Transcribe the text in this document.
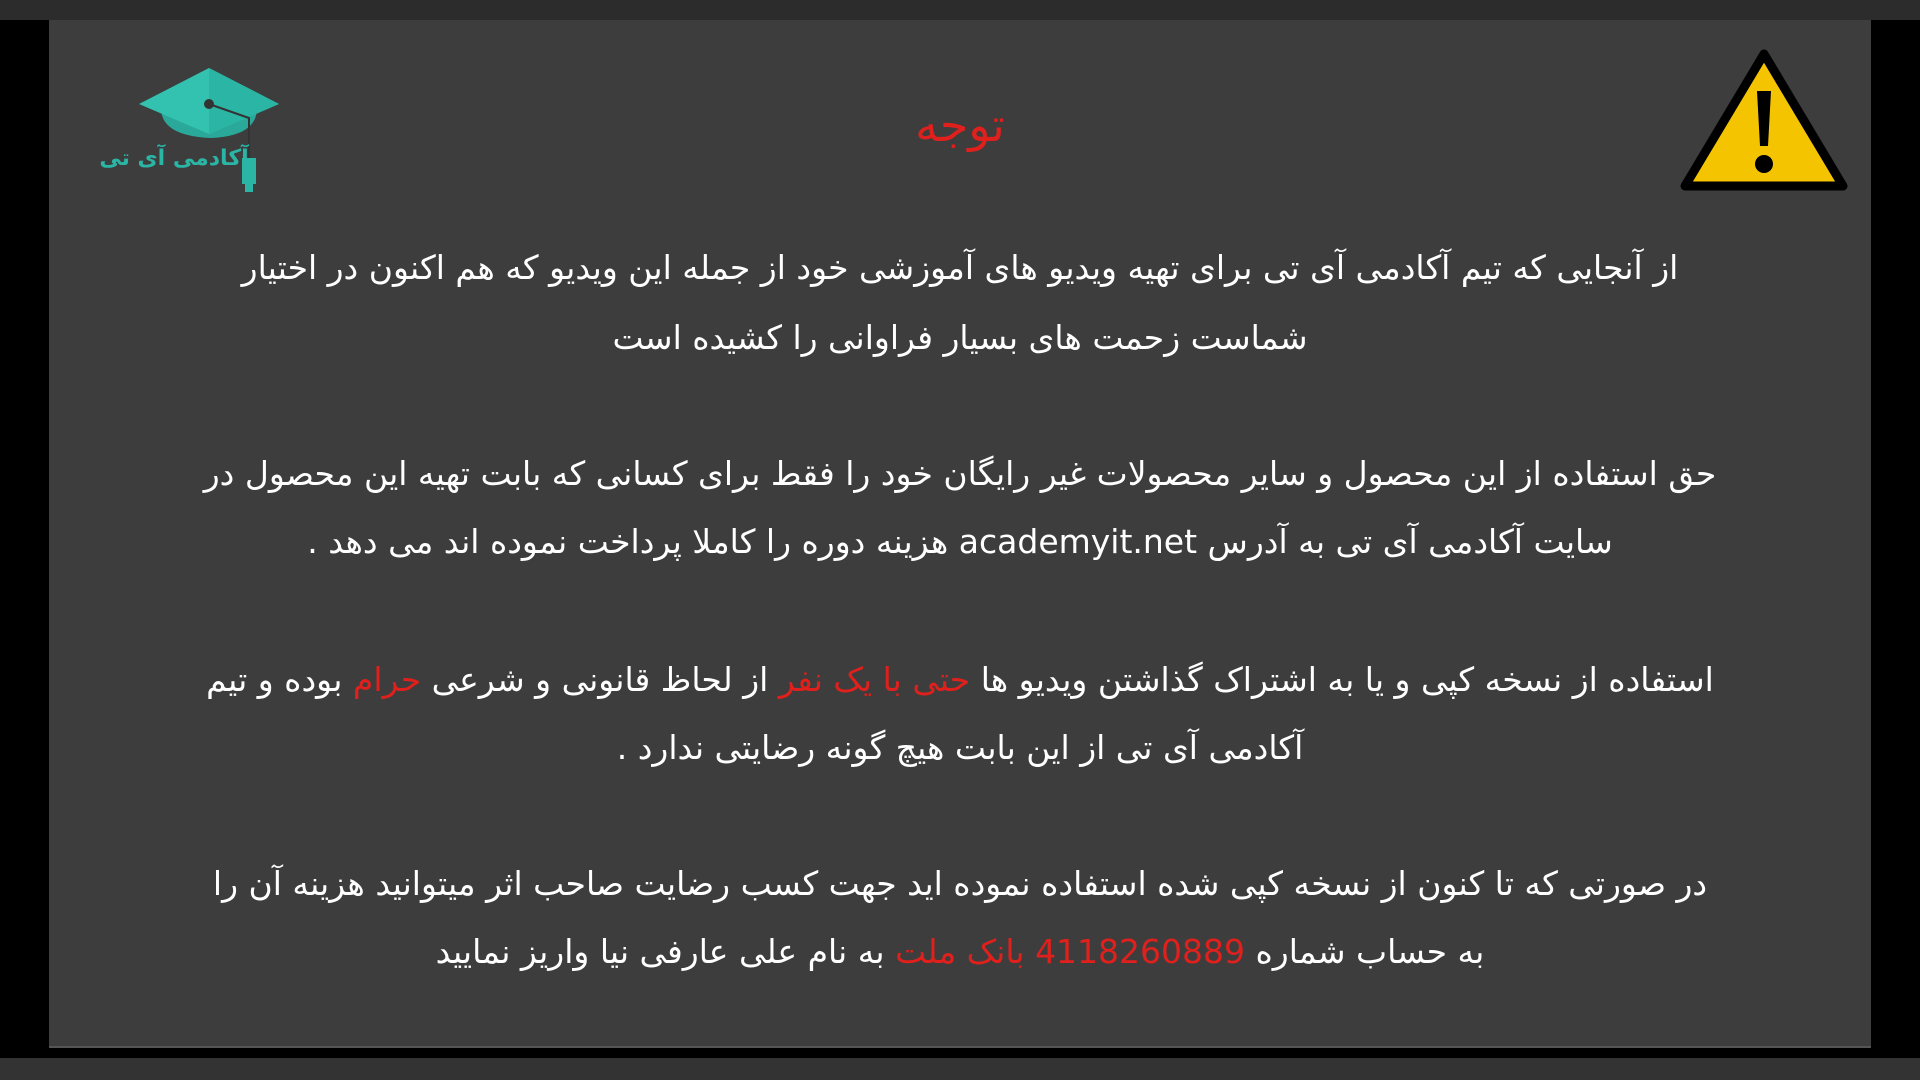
آکادمی آی تی
توجه
از آنجایی که تیم آکادمی آی تی برای تهیه ویدیو های آموزشی خود از جمله این ویدیو که هم اکنون در اختیار
شماست زحمت های بسیار فراوانی را کشیده است
حق استفاده از این محصول و سایر محصولات غیر رایگان خود را فقط برای کسانی که بابت تهیه این محصول در
سایت آکادمی آی تی به آدرس academyit.net هزینه دوره را کاملا پرداخت نموده اند می دهد .
استفاده از نسخه کپی و یا به اشتراک گذاشتن ویدیو ها حتی با یک نفر از لحاظ قانونی و شرعی حرام بوده و تیم
آکادمی آی تی از این بابت هیچ گونه رضایتی ندارد .
در صورتی که تا کنون از نسخه کپی شده استفاده نموده اید جهت کسب رضایت صاحب اثر میتوانید هزینه آن را
به حساب شماره 4118260889 بانک ملت به نام علی عارفی نیا واریز نمایید
